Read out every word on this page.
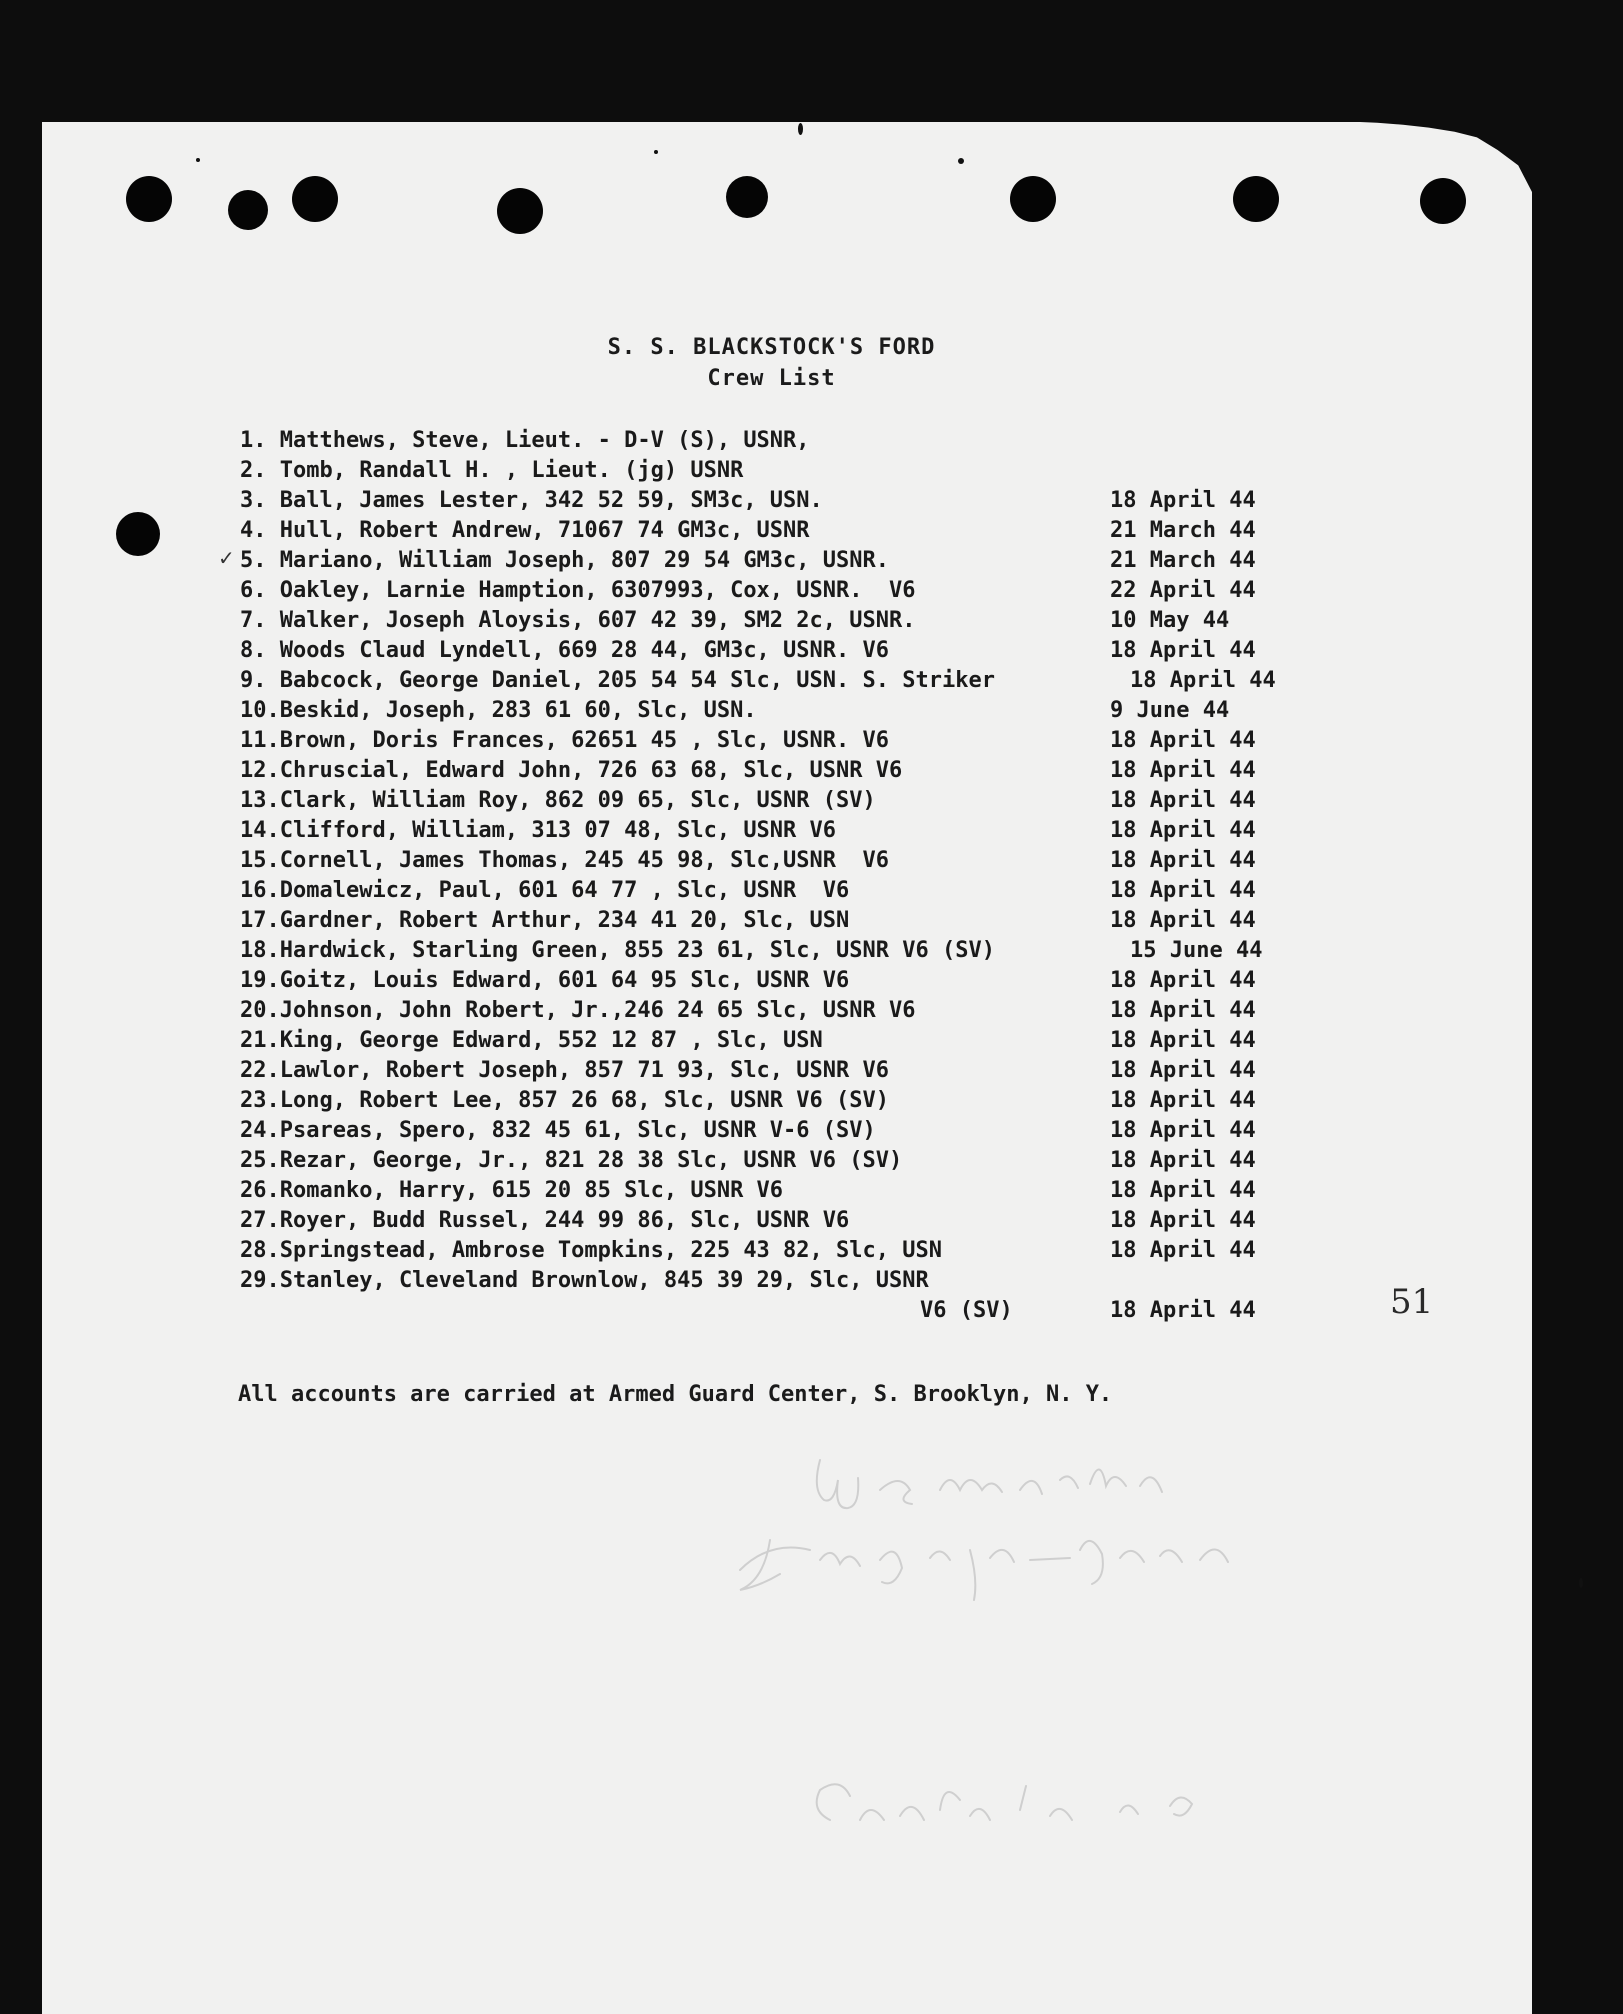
S. S. BLACKSTOCK'S FORD
Crew List
✓
1. Matthews, Steve, Lieut. - D-V (S), USNR,
2. Tomb, Randall H. , Lieut. (jg) USNR
3. Ball, James Lester, 342 52 59, SM3c, USN.	18 April 44
4. Hull, Robert Andrew, 71067 74 GM3c, USNR	21 March 44
5. Mariano, William Joseph, 807 29 54 GM3c, USNR.	21 March 44
6. Oakley, Larnie Hamption, 6307993, Cox, USNR.  V6	22 April 44
7. Walker, Joseph Aloysis, 607 42 39, SM2 2c, USNR.	10 May 44
8. Woods Claud Lyndell, 669 28 44, GM3c, USNR. V6	18 April 44
9. Babcock, George Daniel, 205 54 54 Slc, USN. S. Striker	18 April 44
10.Beskid, Joseph, 283 61 60, Slc, USN.	9 June 44
11.Brown, Doris Frances, 62651 45 , Slc, USNR. V6	18 April 44
12.Chruscial, Edward John, 726 63 68, Slc, USNR V6	18 April 44
13.Clark, William Roy, 862 09 65, Slc, USNR (SV)	18 April 44
14.Clifford, William, 313 07 48, Slc, USNR V6	18 April 44
15.Cornell, James Thomas, 245 45 98, Slc,USNR  V6	18 April 44
16.Domalewicz, Paul, 601 64 77 , Slc, USNR  V6	18 April 44
17.Gardner, Robert Arthur, 234 41 20, Slc, USN	18 April 44
18.Hardwick, Starling Green, 855 23 61, Slc, USNR V6 (SV)	15 June 44
19.Goitz, Louis Edward, 601 64 95 Slc, USNR V6	18 April 44
20.Johnson, John Robert, Jr.,246 24 65 Slc, USNR V6	18 April 44
21.King, George Edward, 552 12 87 , Slc, USN	18 April 44
22.Lawlor, Robert Joseph, 857 71 93, Slc, USNR V6	18 April 44
23.Long, Robert Lee, 857 26 68, Slc, USNR V6 (SV)	18 April 44
24.Psareas, Spero, 832 45 61, Slc, USNR V-6 (SV)	18 April 44
25.Rezar, George, Jr., 821 28 38 Slc, USNR V6 (SV)	18 April 44
26.Romanko, Harry, 615 20 85 Slc, USNR V6	18 April 44
27.Royer, Budd Russel, 244 99 86, Slc, USNR V6	18 April 44
28.Springstead, Ambrose Tompkins, 225 43 82, Slc, USN	18 April 44
29.Stanley, Cleveland Brownlow, 845 39 29, Slc, USNR
V6 (SV)	18 April 44	51

All accounts are carried at Armed Guard Center, S. Brooklyn, N. Y.
